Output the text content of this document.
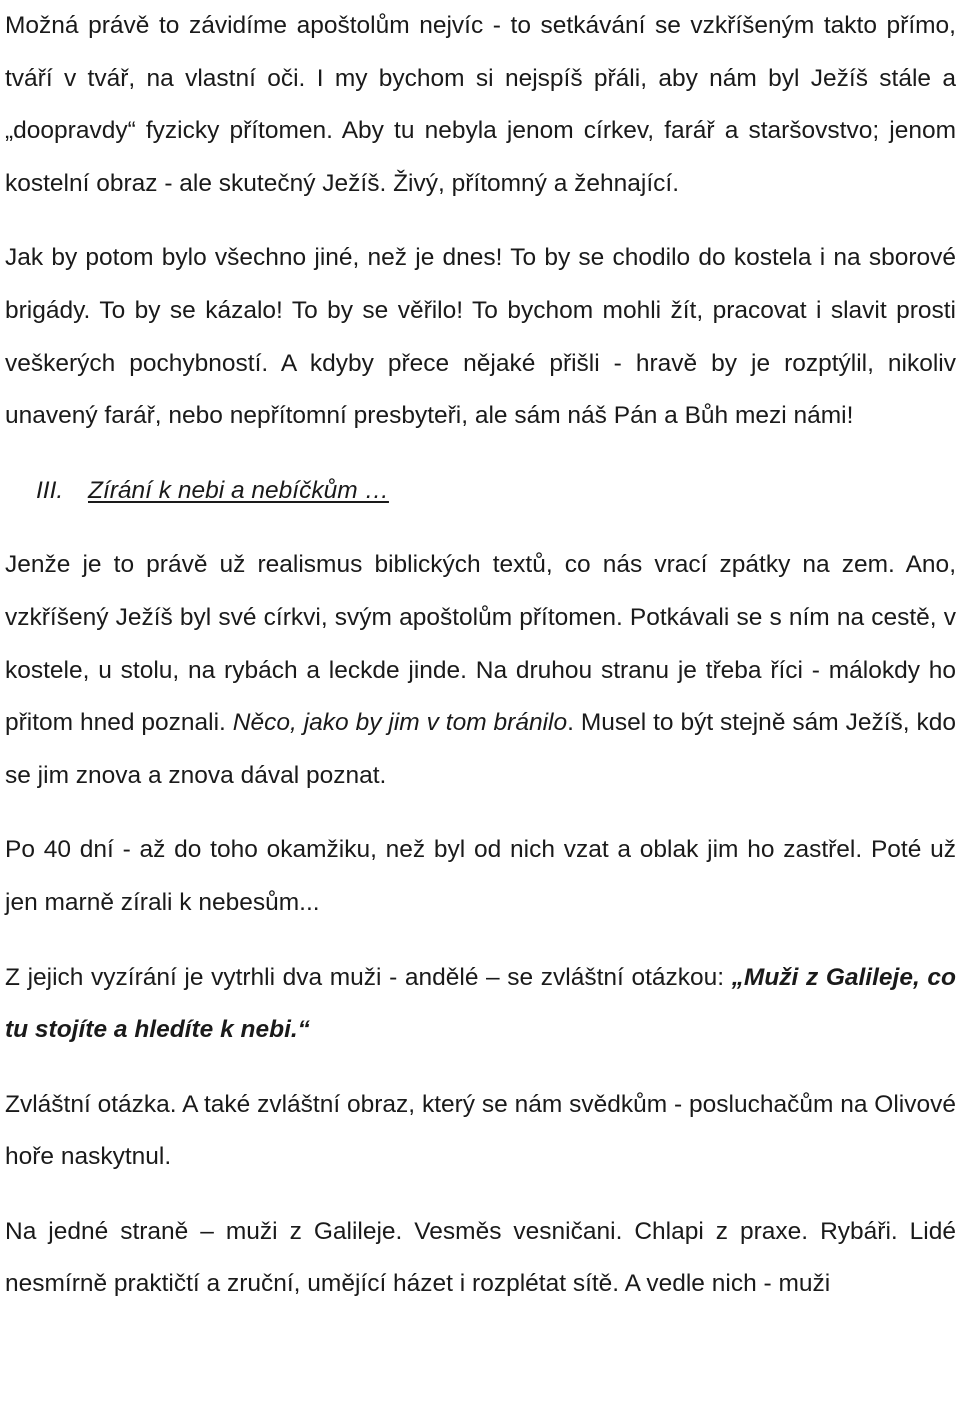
Možná právě to závidíme apoštolům nejvíc - to setkávání se vzkříšeným takto přímo, tváří v tvář, na vlastní oči. I my bychom si nejspíš přáli, aby nám byl Ježíš stále a „doopravdy“ fyzicky přítomen. Aby tu nebyla jenom církev, farář a staršovstvo; jenom kostelní obraz - ale skutečný Ježíš. Živý, přítomný a žehnající.

Jak by potom bylo všechno jiné, než je dnes! To by se chodilo do kostela i na sborové brigády. To by se kázalo! To by se věřilo! To bychom mohli žít, pracovat i slavit prosti veškerých pochybností. A kdyby přece nějaké přišli - hravě by je rozptýlil, nikoliv unavený farář, nebo nepřítomní presbyteři, ale sám náš Pán a Bůh mezi námi!

III. Zírání k nebi a nebíčkům …

Jenže je to právě už realismus biblických textů, co nás vrací zpátky na zem. Ano, vzkříšený Ježíš byl své církvi, svým apoštolům přítomen. Potkávali se s ním na cestě, v kostele, u stolu, na rybách a leckde jinde. Na druhou stranu je třeba říci - málokdy ho přitom hned poznali. Něco, jako by jim v tom bránilo. Musel to být stejně sám Ježíš, kdo se jim znova a znova dával poznat.

Po 40 dní - až do toho okamžiku, než byl od nich vzat a oblak jim ho zastřel. Poté už jen marně zírali k nebesům...

Z jejich vyzírání je vytrhli dva muži - andělé – se zvláštní otázkou: „Muži z Galileje, co tu stojíte a hledíte k nebi.“

Zvláštní otázka. A také zvláštní obraz, který se nám svědkům - posluchačům na Olivové hoře naskytnul.

Na jedné straně – muži z Galileje. Vesměs vesničani. Chlapi z praxe. Rybáři. Lidé nesmírně praktičtí a zruční, umějící házet i rozplétat sítě. A vedle nich - muži
